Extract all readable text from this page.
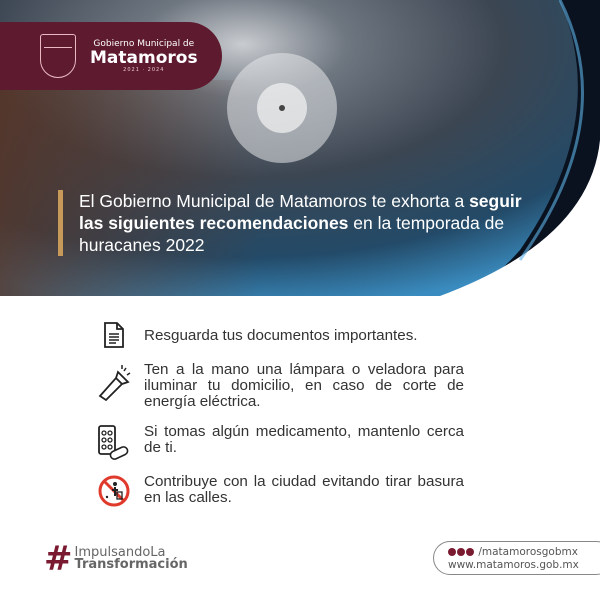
Gobierno Municipal de
Matamoros
2021 · 2024
El Gobierno Municipal de Matamoros te exhorta a seguir las siguientes recomendaciones en la temporada de huracanes 2022
Resguarda tus documentos importantes.
Ten a la mano una lámpara o veladora para iluminar tu domicilio, en caso de corte de energía eléctrica.
Si tomas algún medicamento, mantenlo cerca de ti.
Contribuye con la ciudad evitando tirar basura en las calles.
# ImpulsandoLa
Transformación
/matamorosgobmx
www.matamoros.gob.mx
